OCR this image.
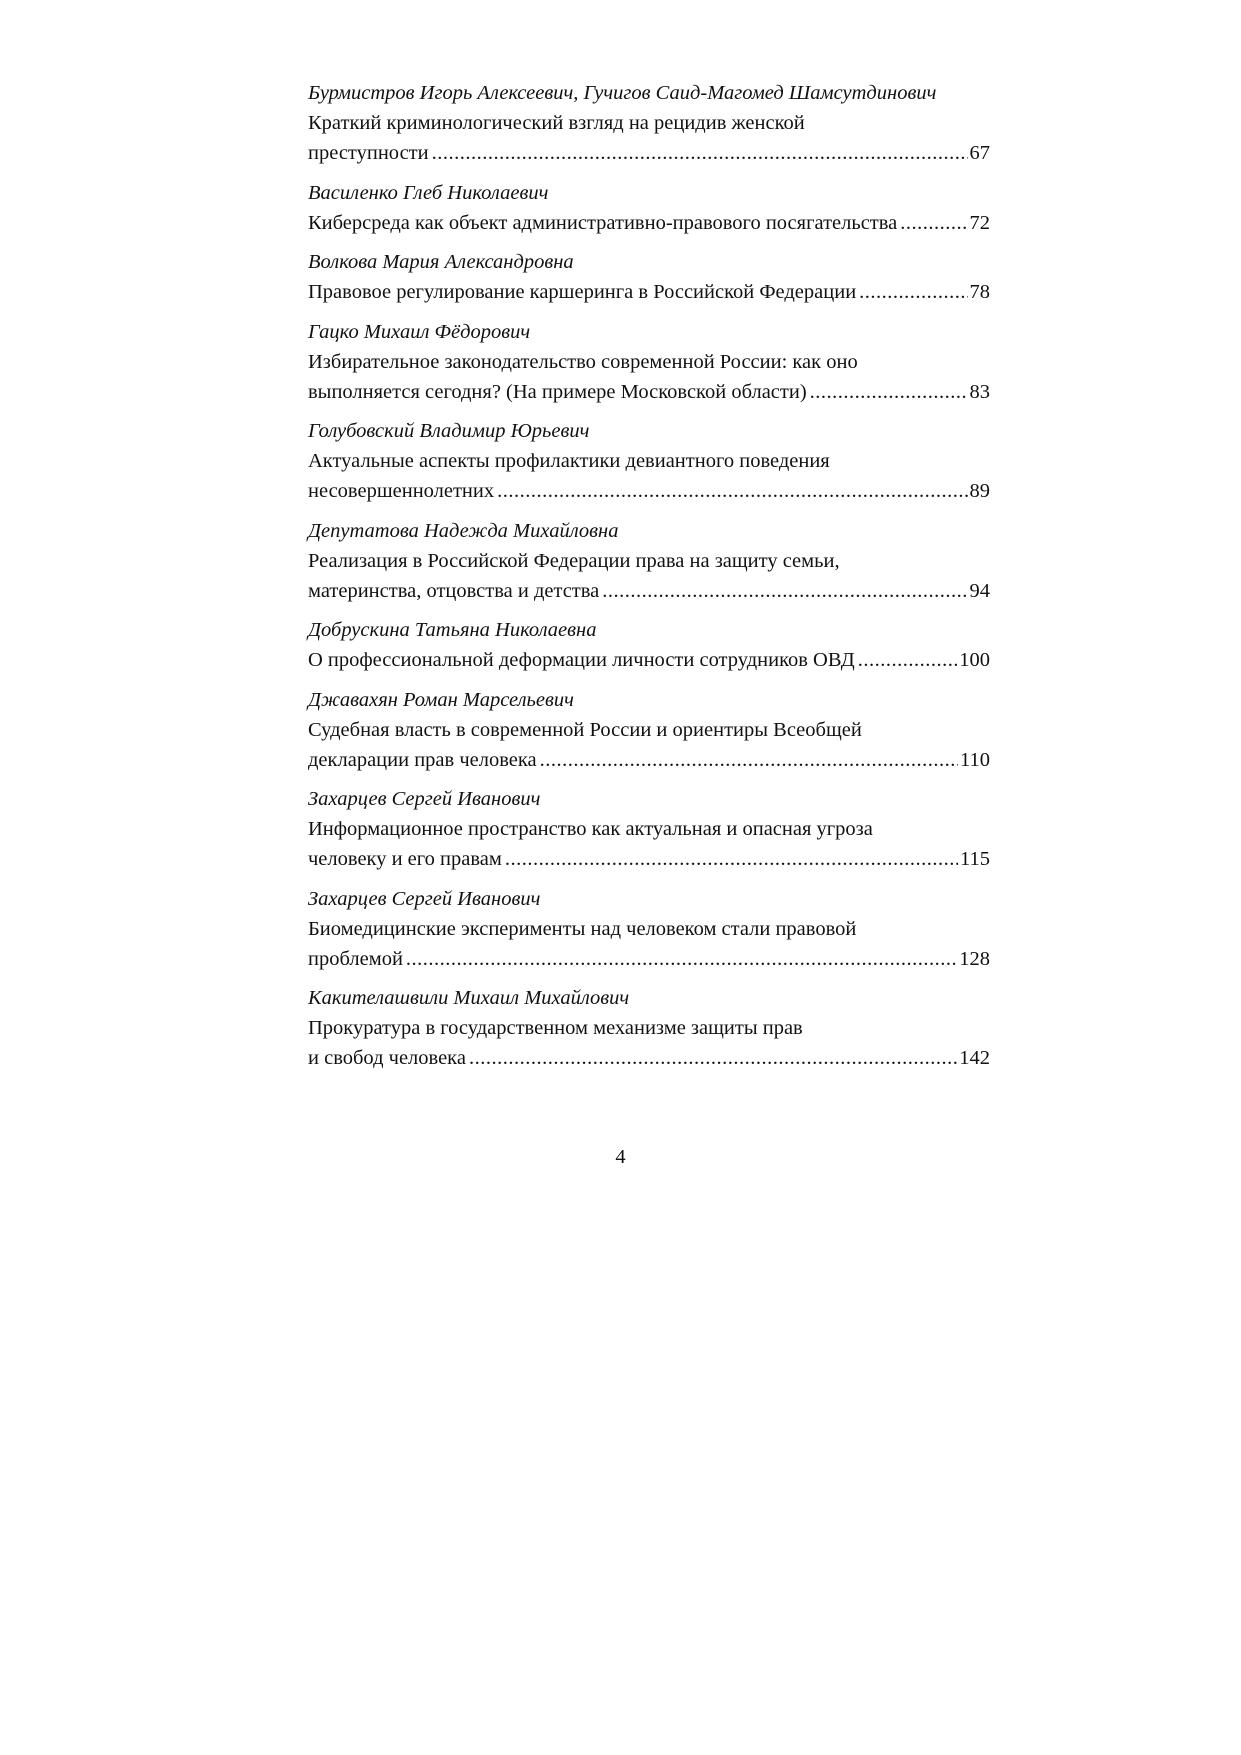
Бурмистров Игорь Алексеевич, Гучигов Саид-Магомед Шамсутдинович
Краткий криминологический взгляд на рецидив женской
преступности .....	67
Василенко Глеб Николаевич
Киберсреда как объект административно-правового посягательства .....	72
Волкова Мария Александровна
Правовое регулирование каршеринга в Российской Федерации .....	78
Гацко Михаил Фёдорович
Избирательное законодательство современной России: как оно
выполняется сегодня? (На примере Московской области) .....	83
Голубовский Владимир Юрьевич
Актуальные аспекты профилактики девиантного поведения
несовершеннолетних .....	89
Депутатова Надежда Михайловна
Реализация в Российской Федерации права на защиту семьи,
материнства, отцовства и детства .....	94
Добрускина Татьяна Николаевна
О профессиональной деформации личности сотрудников ОВД .....	100
Джавахян Роман Марсельевич
Судебная власть в современной России и ориентиры Всеобщей
декларации прав человека .....	110
Захарцев Сергей Иванович
Информационное пространство как актуальная и опасная угроза
человеку и его правам .....	115
Захарцев Сергей Иванович
Биомедицинские эксперименты над человеком стали правовой
проблемой .....	128
Какителашвили Михаил Михайлович
Прокуратура в государственном механизме защиты прав
и свобод человека .....	142
4
